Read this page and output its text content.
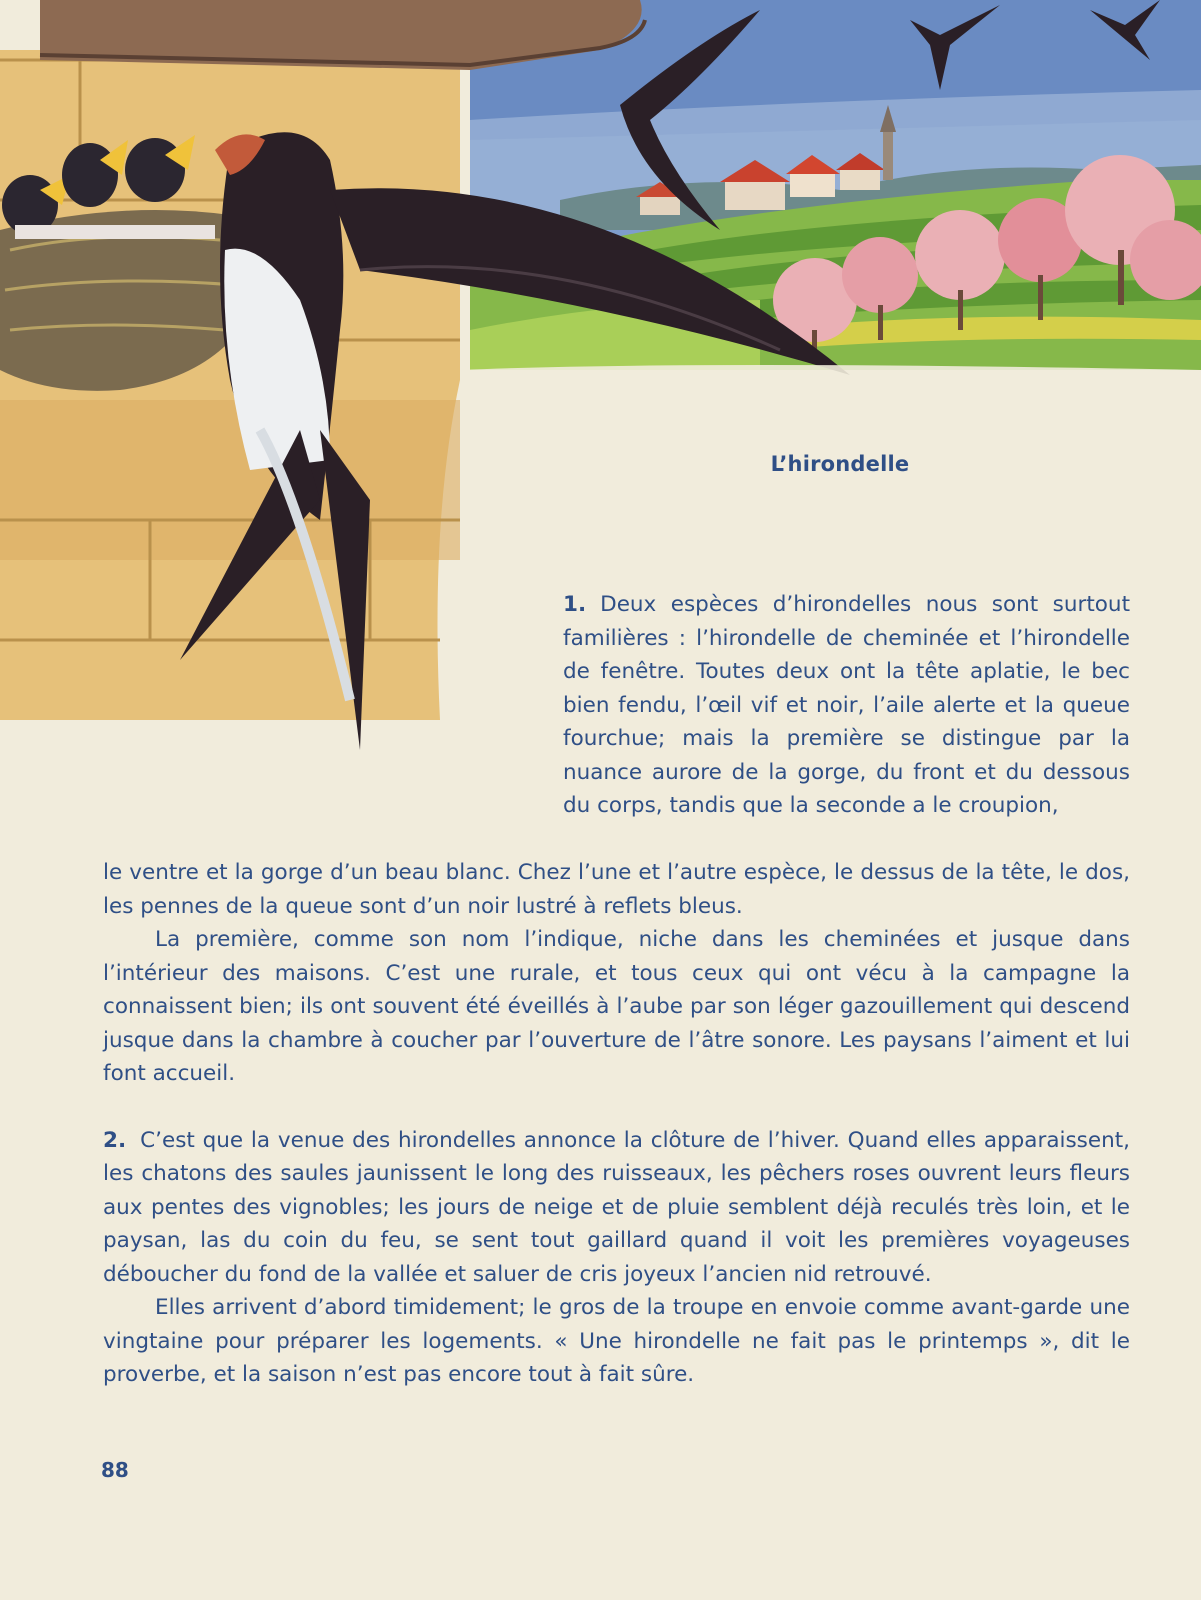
L’hirondelle

1. Deux espèces d’hirondelles nous sont surtout familières : l’hirondelle de cheminée et l’hirondelle de fenêtre. Toutes deux ont la tête aplatie, le bec bien fendu, l’œil vif et noir, l’aile alerte et la queue fourchue; mais la première se distingue par la nuance aurore de la gorge, du front et du dessous du corps, tandis que la seconde a le croupion,

le ventre et la gorge d’un beau blanc. Chez l’une et l’autre espèce, le dessus de la tête, le dos, les pennes de la queue sont d’un noir lustré à reflets bleus.

La première, comme son nom l’indique, niche dans les cheminées et jusque dans l’intérieur des maisons. C’est une rurale, et tous ceux qui ont vécu à la campagne la connaissent bien; ils ont souvent été éveillés à l’aube par son léger gazouillement qui descend jusque dans la chambre à coucher par l’ouverture de l’âtre sonore. Les paysans l’aiment et lui font accueil.

2. C’est que la venue des hirondelles annonce la clôture de l’hiver. Quand elles apparaissent, les chatons des saules jaunissent le long des ruisseaux, les pêchers roses ouvrent leurs fleurs aux pentes des vignobles; les jours de neige et de pluie semblent déjà reculés très loin, et le paysan, las du coin du feu, se sent tout gaillard quand il voit les premières voyageuses déboucher du fond de la vallée et saluer de cris joyeux l’ancien nid retrouvé.

Elles arrivent d’abord timidement; le gros de la troupe en envoie comme avant-garde une vingtaine pour préparer les logements. « Une hirondelle ne fait pas le printemps », dit le proverbe, et la saison n’est pas encore tout à fait sûre.

88
